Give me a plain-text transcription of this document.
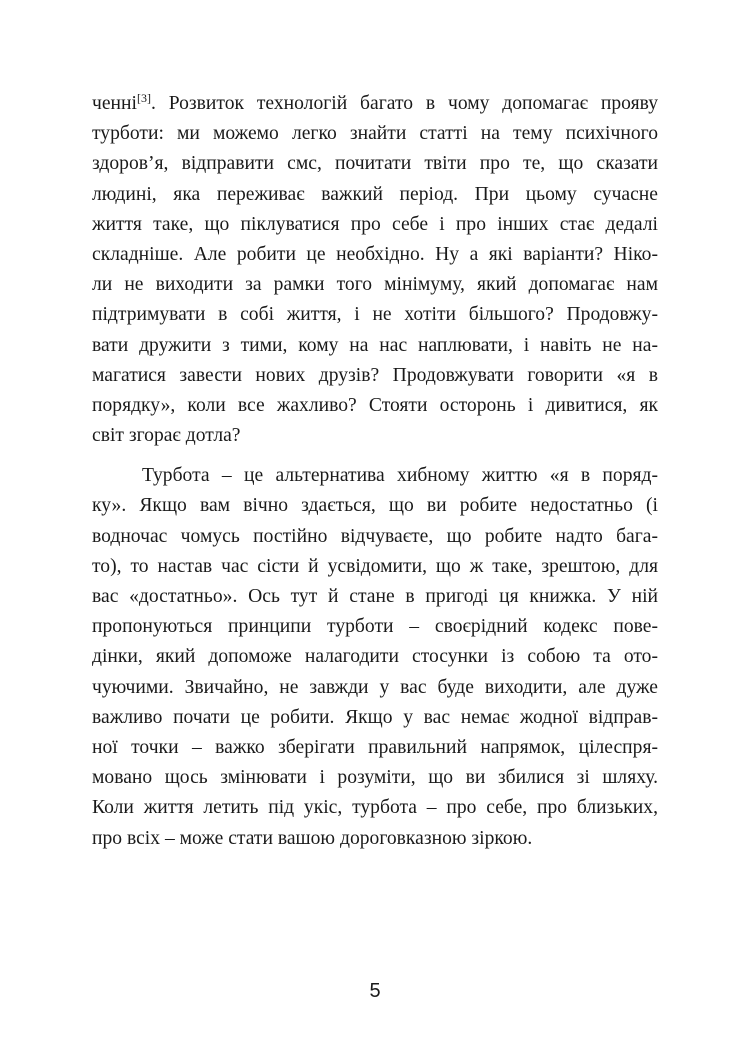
ченні[3]. Розвиток технологій багато в чому допомагає прояву
турботи: ми можемо легко знайти статті на тему психічного
здоров’я, відправити смс, почитати твіти про те, що сказати
людині, яка переживає важкий період. При цьому сучасне
життя таке, що піклуватися про себе і про інших стає дедалі
складніше. Але робити це необхідно. Ну а які варіанти? Ніко-
ли не виходити за рамки того мінімуму, який допомагає нам
підтримувати в собі життя, і не хотіти більшого? Продовжу-
вати дружити з тими, кому на нас наплювати, і навіть не на-
магатися завести нових друзів? Продовжувати говорити «я в
порядку», коли все жахливо? Стояти осторонь і дивитися, як
світ згорає дотла?

Турбота – це альтернатива хибному життю «я в поряд-
ку». Якщо вам вічно здається, що ви робите недостатньо (і
водночас чомусь постійно відчуваєте, що робите надто бага-
то), то настав час сісти й усвідомити, що ж таке, зрештою, для
вас «достатньо». Ось тут й стане в пригоді ця книжка. У ній
пропонуються принципи турботи – своєрідний кодекс пове-
дінки, який допоможе налагодити стосунки із собою та ото-
чуючими. Звичайно, не завжди у вас буде виходити, але дуже
важливо почати це робити. Якщо у вас немає жодної відправ-
ної точки – важко зберігати правильний напрямок, цілеспря-
мовано щось змінювати і розуміти, що ви збилися зі шляху.
Коли життя летить під укіс, турбота – про себе, про близьких,
про всіх – може стати вашою дороговказною зіркою.

5
